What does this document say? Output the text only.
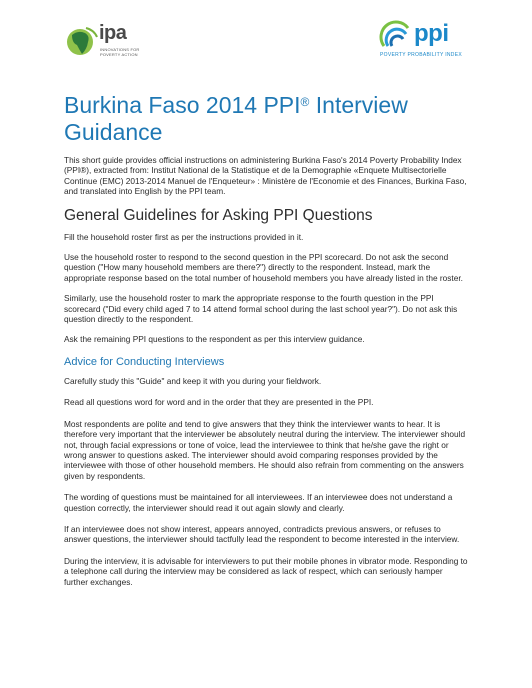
ipa
INNOVATIONS FOR
POVERTY ACTION
ppi
POVERTY PROBABILITY INDEX
Burkina Faso 2014 PPI® Interview
Guidance

This short guide provides official instructions on administering Burkina Faso's 2014 Poverty Probability Index (PPI®), extracted from: Institut National de la Statistique et de la Demographie «Enquete Multisectorielle Continue (EMC) 2013-2014 Manuel de l'Enqueteur» : Ministère de l'Economie et des Finances, Burkina Faso, and translated into English by the PPI team.

General Guidelines for Asking PPI Questions

Fill the household roster first as per the instructions provided in it.

Use the household roster to respond to the second question in the PPI scorecard. Do not ask the second question ("How many household members are there?") directly to the respondent. Instead, mark the appropriate response based on the total number of household members you have already listed in the roster.

Similarly, use the household roster to mark the appropriate response to the fourth question in the PPI scorecard ("Did every child aged 7 to 14 attend formal school during the last school year?"). Do not ask this question directly to the respondent.

Ask the remaining PPI questions to the respondent as per this interview guidance.

Advice for Conducting Interviews

Carefully study this "Guide" and keep it with you during your fieldwork.

Read all questions word for word and in the order that they are presented in the PPI.

Most respondents are polite and tend to give answers that they think the interviewer wants to hear. It is therefore very important that the interviewer be absolutely neutral during the interview. The interviewer should not, through facial expressions or tone of voice, lead the interviewee to think that he/she gave the right or wrong answer to questions asked. The interviewer should avoid comparing responses provided by the interviewee with those of other household members. He should also refrain from commenting on the answers given by respondents.

The wording of questions must be maintained for all interviewees. If an interviewee does not understand a question correctly, the interviewer should read it out again slowly and clearly.

If an interviewee does not show interest, appears annoyed, contradicts previous answers, or refuses to answer questions, the interviewer should tactfully lead the respondent to become interested in the interview.

During the interview, it is advisable for interviewers to put their mobile phones in vibrator mode. Responding to a telephone call during the interview may be considered as lack of respect, which can seriously hamper further exchanges.
